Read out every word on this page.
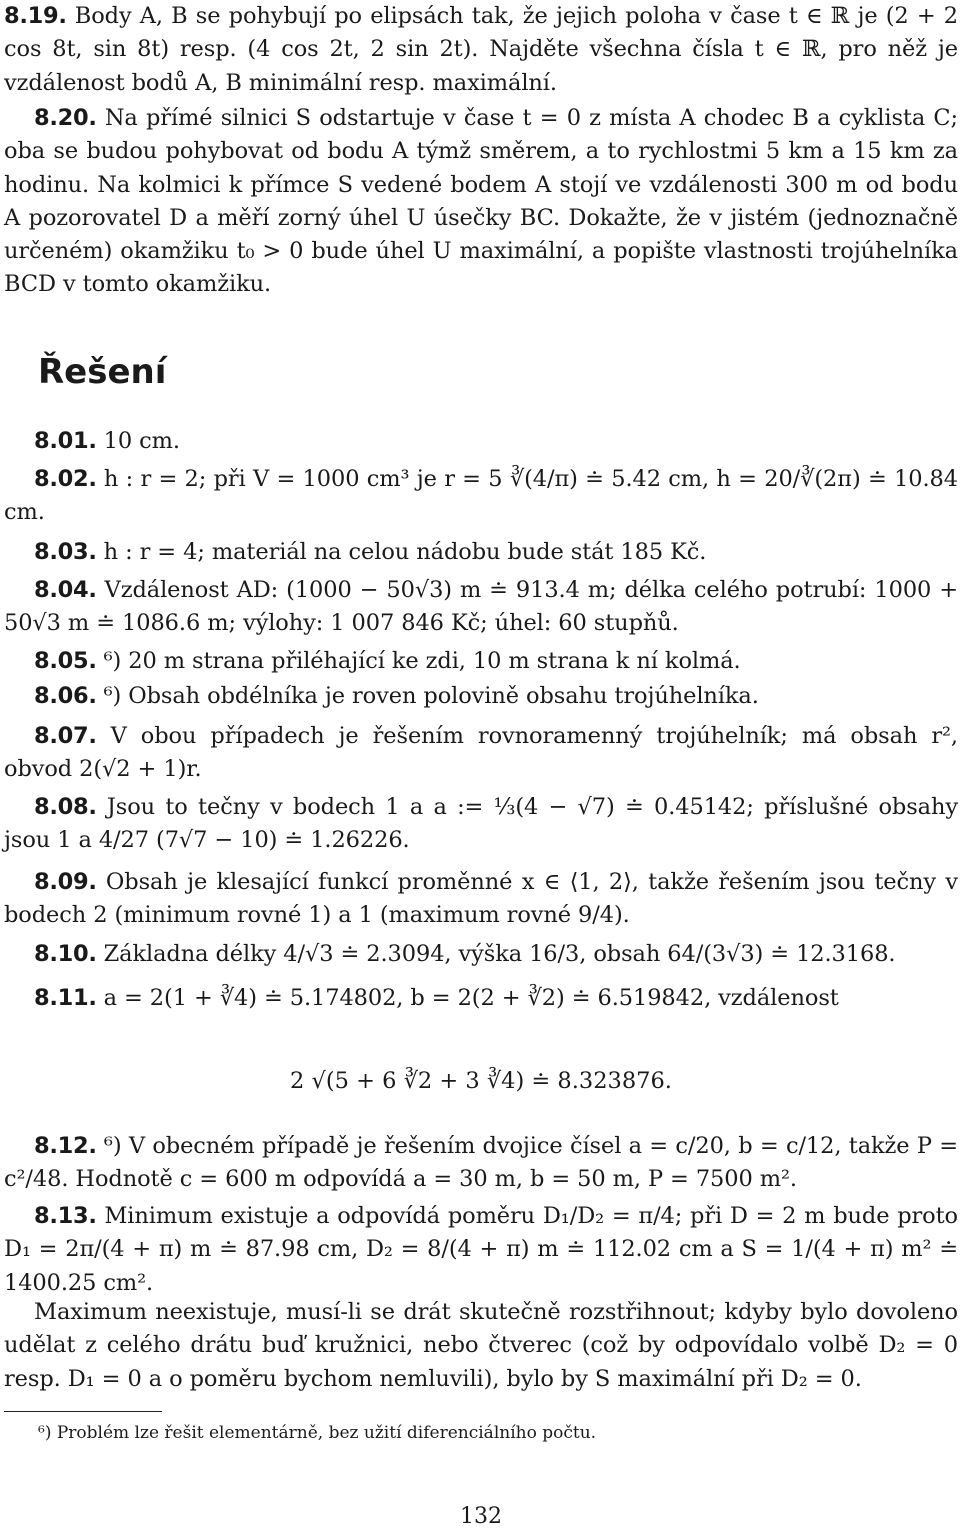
8.19. Body A, B se pohybují po elipsách tak, že jejich poloha v čase t ∈ ℝ je (2 + 2 cos 8t, sin 8t) resp. (4 cos 2t, 2 sin 2t). Najděte všechna čísla t ∈ ℝ, pro něž je vzdálenost bodů A, B minimální resp. maximální.
8.20. Na přímé silnici S odstartuje v čase t = 0 z místa A chodec B a cyklista C; oba se budou pohybovat od bodu A týmž směrem, a to rychlostmi 5 km a 15 km za hodinu. Na kolmici k přímce S vedené bodem A stojí ve vzdálenosti 300 m od bodu A pozorovatel D a měří zorný úhel U úsečky BC. Dokažte, že v jistém (jednoznačně určeném) okamžiku t₀ > 0 bude úhel U maximální, a popište vlastnosti trojúhelníka BCD v tomto okamžiku.
Řešení
8.01. 10 cm.
8.02. h : r = 2; při V = 1000 cm³ je r = 5 ∛(4/π) ≐ 5.42 cm, h = 20/∛(2π) ≐ 10.84 cm.
8.03. h : r = 4; materiál na celou nádobu bude stát 185 Kč.
8.04. Vzdálenost AD: (1000 − 50√3) m ≐ 913.4 m; délka celého potrubí: 1000 + 50√3 m ≐ 1086.6 m; výlohy: 1 007 846 Kč; úhel: 60 stupňů.
8.05. ⁶) 20 m strana přiléhající ke zdi, 10 m strana k ní kolmá.
8.06. ⁶) Obsah obdélníka je roven polovině obsahu trojúhelníka.
8.07. V obou případech je řešením rovnoramenný trojúhelník; má obsah r², obvod 2(√2 + 1)r.
8.08. Jsou to tečny v bodech 1 a a := ⅓(4 − √7) ≐ 0.45142; příslušné obsahy jsou 1 a 4/27 (7√7 − 10) ≐ 1.26226.
8.09. Obsah je klesající funkcí proměnné x ∈ ⟨1, 2⟩, takže řešením jsou tečny v bodech 2 (minimum rovné 1) a 1 (maximum rovné 9/4).
8.10. Základna délky 4/√3 ≐ 2.3094, výška 16/3, obsah 64/(3√3) ≐ 12.3168.
8.11. a = 2(1 + ∛4) ≐ 5.174802, b = 2(2 + ∛2) ≐ 6.519842, vzdálenost
2 √(5 + 6 ∛2 + 3 ∛4) ≐ 8.323876.
8.12. ⁶) V obecném případě je řešením dvojice čísel a = c/20, b = c/12, takže P = c²/48. Hodnotě c = 600 m odpovídá a = 30 m, b = 50 m, P = 7500 m².
8.13. Minimum existuje a odpovídá poměru D₁/D₂ = π/4; při D = 2 m bude proto D₁ = 2π/(4 + π) m ≐ 87.98 cm, D₂ = 8/(4 + π) m ≐ 112.02 cm a S = 1/(4 + π) m² ≐ 1400.25 cm².
Maximum neexistuje, musí-li se drát skutečně rozstřihnout; kdyby bylo dovoleno udělat z celého drátu buď kružnici, nebo čtverec (což by odpovídalo volbě D₂ = 0 resp. D₁ = 0 a o poměru bychom nemluvili), bylo by S maximální při D₂ = 0.
⁶) Problém lze řešit elementárně, bez užití diferenciálního počtu.
132
